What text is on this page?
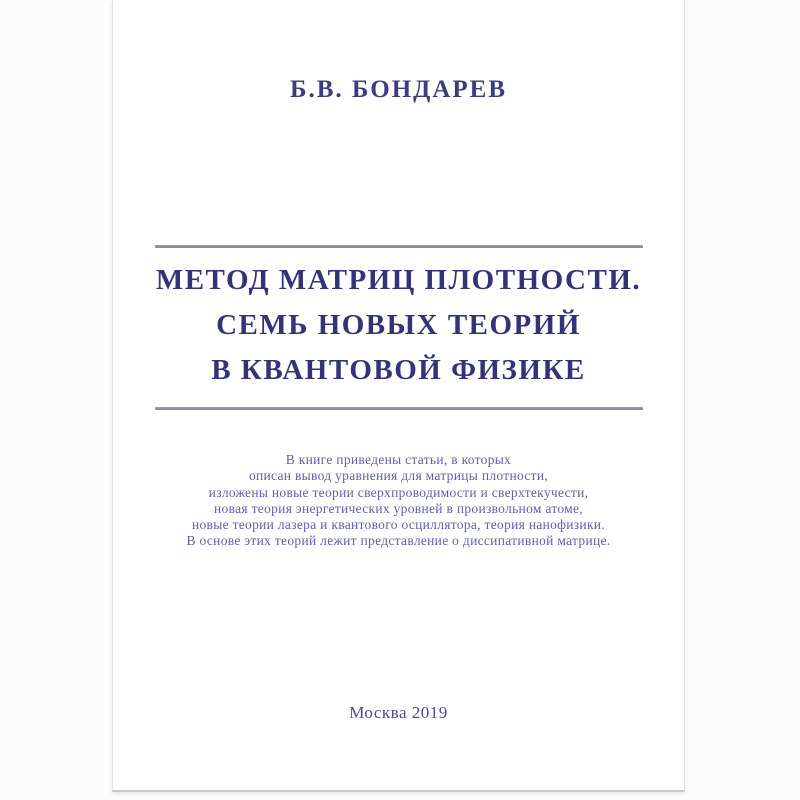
Б.В. БОНДАРЕВ
МЕТОД МАТРИЦ ПЛОТНОСТИ.
СЕМЬ НОВЫХ ТЕОРИЙ
В КВАНТОВОЙ ФИЗИКЕ
В книге приведены статьи, в которых
описан вывод уравнения для матрицы плотности,
изложены новые теории сверхпроводимости и сверхтекучести,
новая теория энергетических уровней в произвольном атоме,
новые теории лазера и квантового осциллятора, теория нанофизики.
В основе этих теорий лежит представление о диссипативной матрице.
Москва 2019
